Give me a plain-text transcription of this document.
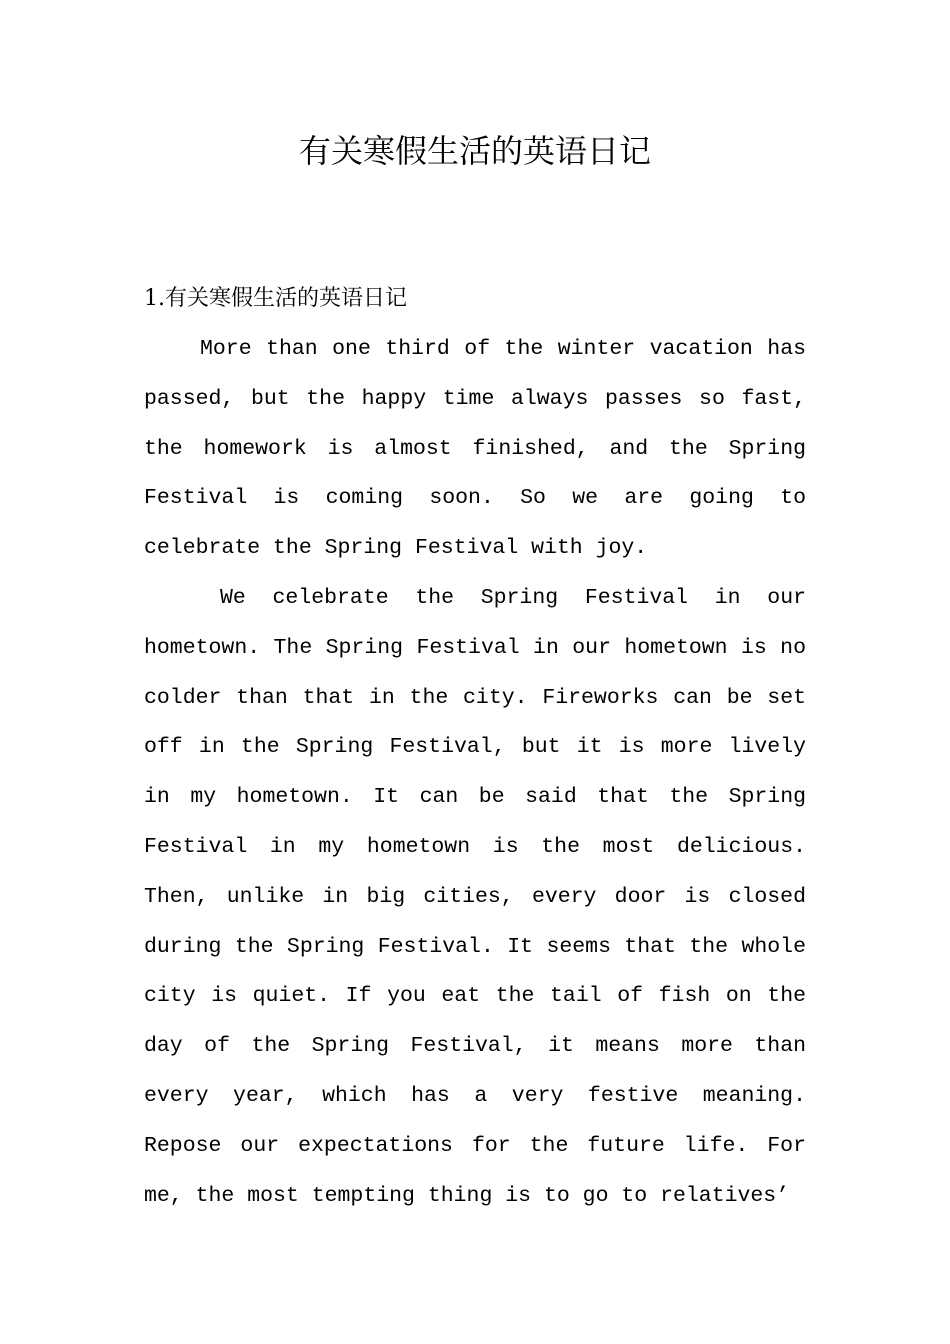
有关寒假生活的英语日记
1.有关寒假生活的英语日记

More than one third of the winter vacation has passed, but the happy time always passes so fast, the homework is almost finished, and the Spring Festival is coming soon. So we are going to celebrate the Spring Festival with joy.

We celebrate the Spring Festival in our hometown. The Spring Festival in our hometown is no colder than that in the city. Fireworks can be set off in the Spring Festival, but it is more lively in my hometown. It can be said that the Spring Festival in my hometown is the most delicious. Then, unlike in big cities, every door is closed during the Spring Festival. It seems that the whole city is quiet. If you eat the tail of fish on the day of the Spring Festival, it means more than every year, which has a very festive meaning. Repose our expectations for the future life. For me, the most tempting thing is to go to relatives’
